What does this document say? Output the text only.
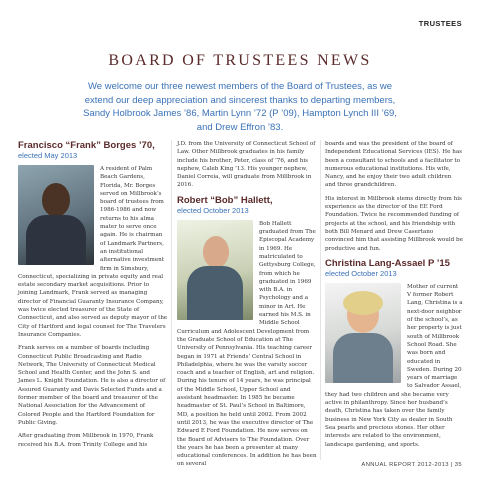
TRUSTEES
BOARD OF TRUSTEES NEWS
We welcome our three newest members of the Board of Trustees, as we extend our deep appreciation and sincerest thanks to departing members, Sandy Holbrook James ’86, Martin Lynn ’72 (P ’09), Hampton Lynch III ’69, and Drew Effron ’83.
Francisco “Frank” Borges ’70,
elected May 2013

A resident of Palm Beach Gardens, Florida, Mr. Borges served on Millbrook’s board of trustees from 1986-1986 and now returns to his alma mater to serve once again. He is chairman of Landmark Partners, an institutional alternative investment firm in Simsbury, Connecticut, specializing in private equity and real estate secondary market acquisitions. Prior to joining Landmark, Frank served as managing director of Financial Guaranty Insurance Company, was twice elected treasurer of the State of Connecticut, and also served as deputy mayor of the City of Hartford and legal counsel for The Travelers Insurance Companies.

Frank serves on a number of boards including Connecticut Public Broadcasting and Radio Network, The University of Connecticut Medical School and Health Center, and the John S. and James L. Knight Foundation. He is also a director of Assured Guaranty and Davis Selected Funds and a former member of the board and treasurer of the National Association for the Advancement of Colored People and the Hartford Foundation for Public Giving.

After graduating from Millbrook in 1970, Frank received his B.A. from Trinity College and his

J.D. from the University of Connecticut School of Law. Other Millbrook graduates in his family include his brother, Peter, class of ’76, and his nephew, Caleb King ’13. His younger nephew, Daniel Correia, will graduate from Millbrook in 2016.

Robert “Bob” Hallett,
elected October 2013

Bob Hallett graduated from The Episcopal Academy in 1969. He matriculated to Gettysburg College, from which he graduated in 1969 with B.A. in Psychology and a minor in Art. He earned his M.S. in Middle School Curriculum and Adolescent Development from the Graduate School of Education at The University of Pennsylvania. His teaching career began in 1971 at Friends’ Central School in Philadelphia, where he was the varsity soccer coach and a teacher of English, art and religion. During his tenure of 14 years, he was principal of the Middle School, Upper School and assistant headmaster. In 1985 he became headmaster of St. Paul’s School in Baltimore, MD, a position he held until 2002. From 2002 until 2013, he was the executive director of The Edward E Ford Foundation. He now serves on the Board of Advisers to The Foundation. Over the years he has been a presenter at many educational conferences. In addition he has been on several

boards and was the president of the board of Independent Educational Services (IES). He has been a consultant to schools and a facilitator to numerous educational institutions. His wife, Nancy, and he enjoy their two adult children and three grandchildren.

His interest in Millbrook stems directly from his experience as the director of the EE Ford Foundation. Twice he recommended funding of projects at the school, and his friendship with both Bill Menard and Drew Casertano convinced him that assisting Millbrook would be productive and fun.

Christina Lang-Assael P ’15
elected October 2013

Mother of current V former Robert Lang, Christina is a next-door neighbor of the school’s, as her property is just south of Millbrook School Road. She was born and educated in Sweden. During 20 years of marriage to Salvador Assael, they had two children and she became very active in philanthropy. Since her husband’s death, Christina has taken over the family business in New York City as dealer in South Sea pearls and precious stones. Her other interests are related to the environment, landscape gardening, and sports.

ANNUAL REPORT 2012-2013 | 35
